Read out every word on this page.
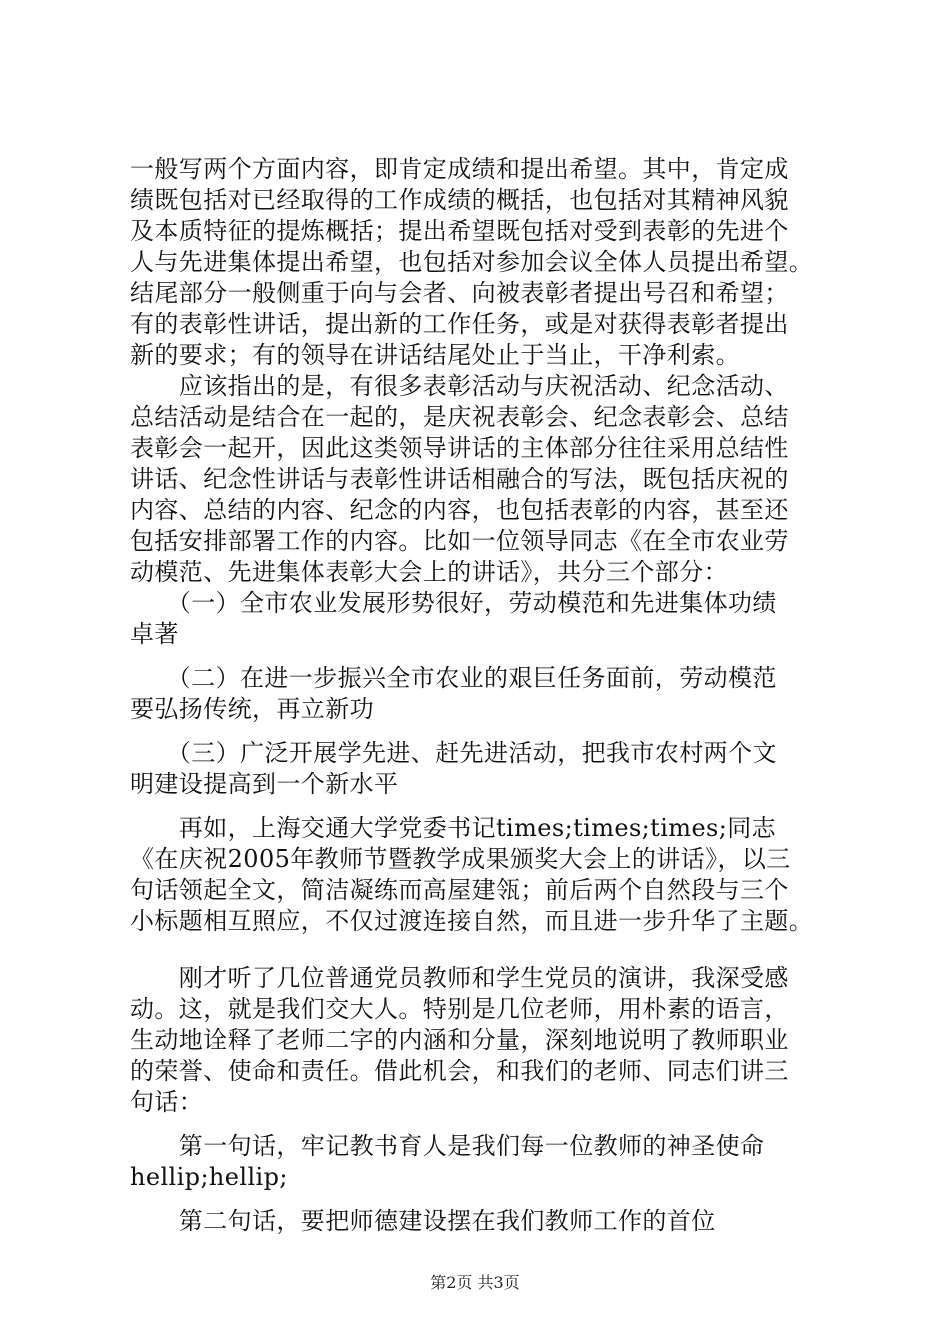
一般写两个方面内容，即肯定成绩和提出希望。其中，肯定成
绩既包括对已经取得的工作成绩的概括，也包括对其精神风貌
及本质特征的提炼概括；提出希望既包括对受到表彰的先进个
人与先进集体提出希望，也包括对参加会议全体人员提出希望。
结尾部分一般侧重于向与会者、向被表彰者提出号召和希望；
有的表彰性讲话，提出新的工作任务，或是对获得表彰者提出
新的要求；有的领导在讲话结尾处止于当止，干净利索。
　　应该指出的是，有很多表彰活动与庆祝活动、纪念活动、
总结活动是结合在一起的，是庆祝表彰会、纪念表彰会、总结
表彰会一起开，因此这类领导讲话的主体部分往往采用总结性
讲话、纪念性讲话与表彰性讲话相融合的写法，既包括庆祝的
内容、总结的内容、纪念的内容，也包括表彰的内容，甚至还
包括安排部署工作的内容。比如一位领导同志《在全市农业劳
动模范、先进集体表彰大会上的讲话》，共分三个部分：
　　（一）全市农业发展形势很好，劳动模范和先进集体功绩
卓著
　　（二）在进一步振兴全市农业的艰巨任务面前，劳动模范
要弘扬传统，再立新功
　　（三）广泛开展学先进、赶先进活动，把我市农村两个文
明建设提高到一个新水平
　　再如，上海交通大学党委书记times;times;times;同志
《在庆祝2005年教师节暨教学成果颁奖大会上的讲话》，以三
句话领起全文，简洁凝练而高屋建瓴；前后两个自然段与三个
小标题相互照应，不仅过渡连接自然，而且进一步升华了主题。
　　刚才听了几位普通党员教师和学生党员的演讲，我深受感
动。这，就是我们交大人。特别是几位老师，用朴素的语言，
生动地诠释了老师二字的内涵和分量，深刻地说明了教师职业
的荣誉、使命和责任。借此机会，和我们的老师、同志们讲三
句话：
　　第一句话，牢记教书育人是我们每一位教师的神圣使命
hellip;hellip;
　　第二句话，要把师德建设摆在我们教师工作的首位
第2页 共3页
